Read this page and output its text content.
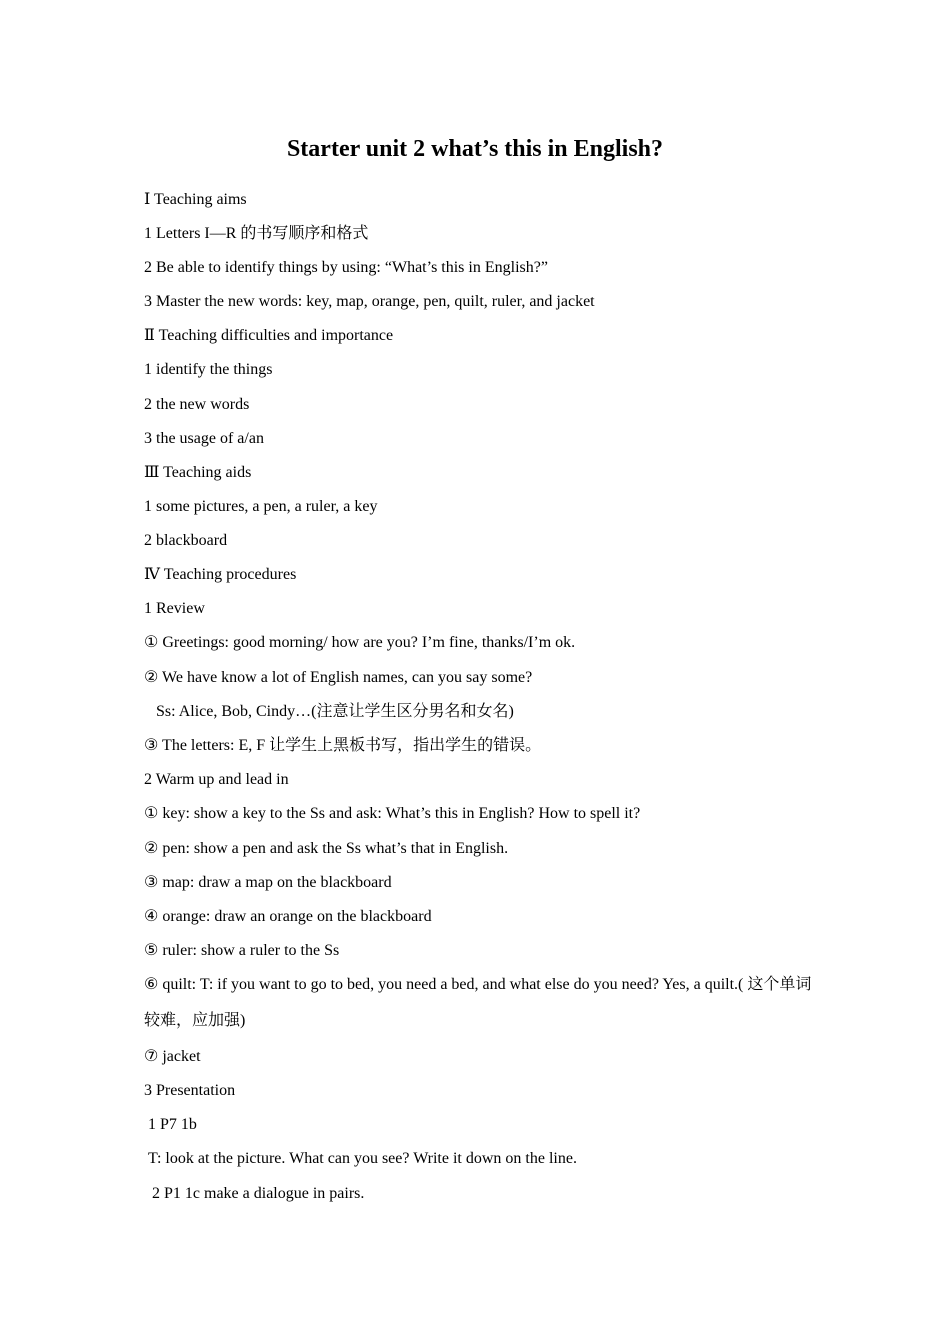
Starter unit 2 what’s this in English?
Ⅰ Teaching aims
1 Letters I—R 的书写顺序和格式
2 Be able to identify things by using: “What’s this in English?”
3 Master the new words: key, map, orange, pen, quilt, ruler, and jacket
Ⅱ Teaching difficulties and importance
1 identify the things
2 the new words
3 the usage of a/an
Ⅲ Teaching aids
1 some pictures, a pen, a ruler, a key
2 blackboard
Ⅳ Teaching procedures
1 Review
① Greetings: good morning/ how are you? I’m fine, thanks/I’m ok.
② We have know a lot of English names, can you say some?
Ss: Alice, Bob, Cindy…(注意让学生区分男名和女名)
③ The letters: E, F 让学生上黑板书写，指出学生的错误。
2 Warm up and lead in
① key: show a key to the Ss and ask: What’s this in English? How to spell it?
② pen: show a pen and ask the Ss what’s that in English.
③ map: draw a map on the blackboard
④ orange: draw an orange on the blackboard
⑤ ruler: show a ruler to the Ss
⑥ quilt: T: if you want to go to bed, you need a bed, and what else do you need? Yes, a quilt.( 这个单词较难，应加强)
⑦ jacket
3 Presentation
1 P7 1b
T: look at the picture. What can you see? Write it down on the line.
2 P1 1c make a dialogue in pairs.
